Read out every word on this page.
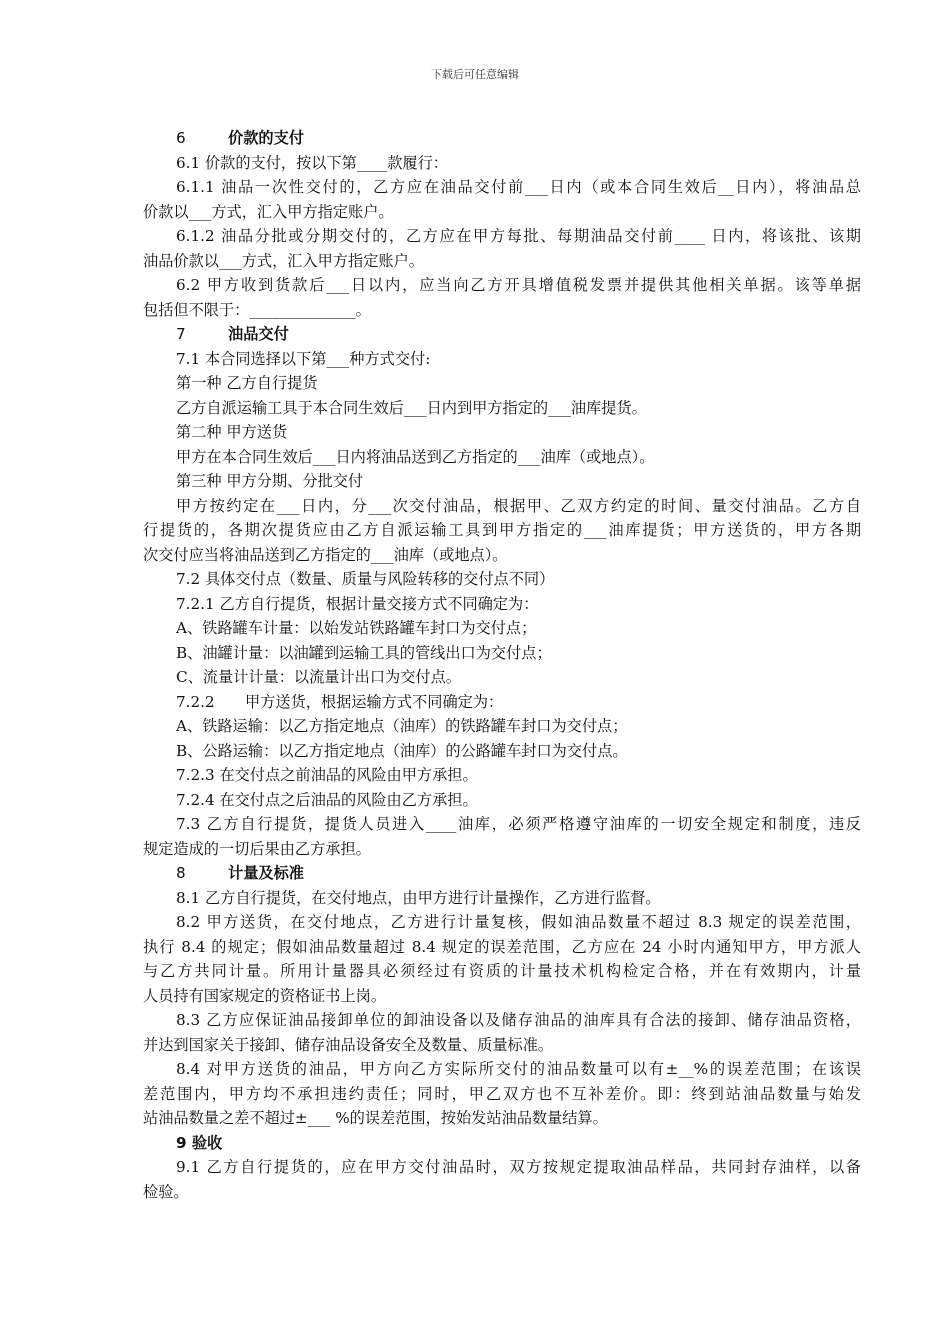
下载后可任意编辑
6	价款的支付
6.1 价款的支付，按以下第____款履行：
6.1.1 油品一次性交付的，乙方应在油品交付前___日内（或本合同生效后__日内），将油品总
价款以___方式，汇入甲方指定账户。
6.1.2 油品分批或分期交付的，乙方应在甲方每批、每期油品交付前____ 日内，将该批、该期
油品价款以___方式，汇入甲方指定账户。
6.2 甲方收到货款后___日以内，应当向乙方开具增值税发票并提供其他相关单据。该等单据
包括但不限于：______________。
7	油品交付
7.1 本合同选择以下第___种方式交付:
第一种 乙方自行提货
乙方自派运输工具于本合同生效后___日内到甲方指定的___油库提货。
第二种 甲方送货
甲方在本合同生效后___日内将油品送到乙方指定的___油库（或地点）。
第三种 甲方分期、分批交付
甲方按约定在___日内，分___次交付油品，根据甲、乙双方约定的时间、量交付油品。乙方自
行提货的，各期次提货应由乙方自派运输工具到甲方指定的___油库提货；甲方送货的，甲方各期
次交付应当将油品送到乙方指定的___油库（或地点）。
7.2 具体交付点（数量、质量与风险转移的交付点不同）
7.2.1 乙方自行提货，根据计量交接方式不同确定为：
A、铁路罐车计量：以始发站铁路罐车封口为交付点；
B、油罐计量：以油罐到运输工具的管线出口为交付点；
C、流量计计量：以流量计出口为交付点。
7.2.2　　甲方送货，根据运输方式不同确定为：
A、铁路运输：以乙方指定地点（油库）的铁路罐车封口为交付点；
B、公路运输：以乙方指定地点（油库）的公路罐车封口为交付点。
7.2.3 在交付点之前油品的风险由甲方承担。
7.2.4 在交付点之后油品的风险由乙方承担。
7.3 乙方自行提货，提货人员进入____油库，必须严格遵守油库的一切安全规定和制度，违反
规定造成的一切后果由乙方承担。
8	计量及标准
8.1 乙方自行提货，在交付地点，由甲方进行计量操作，乙方进行监督。
8.2 甲方送货，在交付地点，乙方进行计量复核，假如油品数量不超过 8.3 规定的误差范围，
执行 8.4 的规定；假如油品数量超过 8.4 规定的误差范围，乙方应在 24 小时内通知甲方，甲方派人
与乙方共同计量。所用计量器具必须经过有资质的计量技术机构检定合格，并在有效期内，计量
人员持有国家规定的资格证书上岗。
8.3 乙方应保证油品接卸单位的卸油设备以及储存油品的油库具有合法的接卸、储存油品资格，
并达到国家关于接卸、储存油品设备安全及数量、质量标准。
8.4 对甲方送货的油品，甲方向乙方实际所交付的油品数量可以有±__%的误差范围；在该误
差范围内，甲方均不承担违约责任；同时，甲乙双方也不互补差价。即：终到站油品数量与始发
站油品数量之差不超过±___ %的误差范围，按始发站油品数量结算。
9 验收
9.1 乙方自行提货的，应在甲方交付油品时，双方按规定提取油品样品，共同封存油样，以备
检验。
